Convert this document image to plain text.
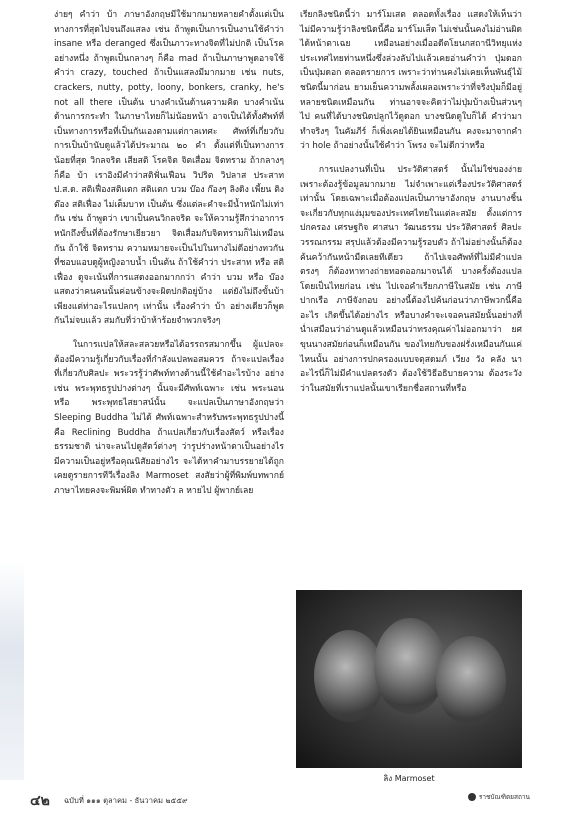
ง่ายๆ คำว่า บ้า ภาษาอังกฤษมีใช้มากมายหลายคำตั้งแต่เป็นทางการที่สุดไปจนถึงแสลง เช่น ถ้าพูดเป็นการเป็นงานใช้คำว่า insane หรือ deranged ซึ่งเป็นภาวะทางจิตที่ไม่ปกติ เป็นโรคอย่างหนึ่ง ถ้าพูดเป็นกลางๆ ก็คือ mad ถ้าเป็นภาษาพูดอาจใช้คำว่า crazy, touched ถ้าเป็นแสลงมีมากมาย เช่น nuts, crackers, nutty, potty, loony, bonkers, cranky, he's not all there เป็นต้น บางคำเน้นด้านความคิด บางคำเน้นด้านการกระทำ ในภาษาไทยก็ไม่น้อยหน้า อาจเป็นได้ทั้งศัพท์ที่เป็นทางการหรือที่เป็นกันเองตามแต่กาลเทศะ ศัพท์ที่เกี่ยวกับการเป็นบ้านับดูแล้วได้ประมาณ ๒๐ คำ ตั้งแต่ที่เป็นทางการน้อยที่สุด วิกลจริต เสียสติ โรคจิต จิตเสื่อม จิตทราม ถ้ากลางๆ ก็คือ บ้า เราอิงมีคำว่าสติฟั่นเฟือน วิปริต วิปลาส ประสาท ป.ส.ด. สติเฟื่องสติแตก สติแตก บวม บ๊อง ก๊องๆ ลิงดิง เพี้ยน ติงต๊อง สติเฟื่อง ไม่เต็มบาท เป็นต้น ซึ่งแต่ละคำจะมีน้ำหนักไม่เท่ากัน เช่น ถ้าพูดว่า เขาเป็นคนวิกลจริต จะให้ความรู้สึกว่าอาการหนักถึงขั้นที่ต้องรักษาเยียวยา จิตเสื่อมกับจิตทรามก็ไม่เหมือนกัน ถ้าใช้ จิตทราม ความหมายจะเป็นไปในทางไม่ดีอย่างทวกันที่ชอบแอบดูผู้หญิงอาบน้ำ เป็นต้น ถ้าใช้คำว่า ประสาท หรือ สติเฟื่อง ดูจะเน้นที่การแสดงออกมากกว่า คำว่า บวม หรือ บ๊อง แสดงว่าคนคนนั้นค่อนข้างจะผิดปกติอยู่บ้าง แต่ยังไม่ถึงขั้นบ้า เพียงแต่ท่าอะไรแปลกๆ เท่านั้น เรื่องคำว่า บ้า อย่างเดียวก็พูดกันไม่จบแล้ว สมกับที่ว่าบ้าห้าร้อยจำพวกจริงๆ

ในการแปลให้สละสลวยหรือได้อรรถรสมากขึ้น ผู้แปลจะต้องมีความรู้เกี่ยวกับเรื่องที่กำลังแปลพอสมควร ถ้าจะแปลเรื่องที่เกี่ยวกับศิลปะ พระวรรู้ว่าศัพท์ทางด้านนี้ใช้คำอะไรบ้าง อย่างเช่น พระพุทธรูปปางต่างๆ นั้นจะมีศัพท์เฉพาะ เช่น พระนอน หรือ พระพุทธไสยาสน์นั้น จะแปลเป็นภาษาอังกฤษว่า Sleeping Buddha ไม่ได้ ศัพท์เฉพาะสำหรับพระพุทธรูปปางนี้คือ Reclining Buddha ถ้าแปลเกี่ยวกับเรื่องสัตว์ หรือเรื่องธรรมชาติ น่าจะลนไปดูสัตว์ต่างๆ ว่ารูปร่างหน้าตาเป็นอย่างไร มีความเป็นอยู่หรือคุณนิสัยอย่างไร จะได้หาคำมาบรรยายได้ถูก เคยดูรายการทีวีเรื่องลิง Marmoset สงสัยว่าผู้ที่พิมพ์บทพากย์ภาษาไทยคงจะพิมพ์ผิด ทำทางตัว ล หายไป ผู้พากย์เลย

เรียกลิงชนิดนี้ว่า มาร์โมเสต ตลอดทั้งเรื่อง แสดงให้เห็นว่าไม่มีความรู้ว่าลิงชนิดนี้คือ มาร์โมเส็ต ไม่เช่นนั้นคงไม่อ่านผิดได้หน้าตาเฉย เหมือนอย่างเมื่ออดีตโยนกสถานีวิทยุแห่งประเทศไทยท่านหนึ่งซึ่งล่วงลับไปแล้วเคยอ่านคำว่า ปุ่มดอก เป็นปุ่มดอก ตลอดรายการ เพราะว่าท่านคงไม่เคยเห็นพันธุ์ไม้ชนิดนี้มาก่อน ยามเย็นความพลั้งเผลอเพราะว่าที่จริงปุ่มก็มีอยู่หลายชนิดเหมือนกัน ท่านอาจจะคิดว่าไม่ปุ่มบ้างเป็นส่วนๆ ไป คนที่ได้บางชนิดปลูกไว้ดูดอก บางชนิดดูใบก็ได้ คำว่ามาทำจริงๆ ในคัมภีร์ ก็เพิ่งเคยได้ยินเหมือนกัน คงจะมาจากคำว่า hole ถ้าอย่างนั้นใช้คำว่า โพรง จะไม่ดีกว่าหรือ

การแปลงานที่เป็น ประวัติศาสตร์ นั้นไม่ใช่ของง่าย เพราะต้องรู้ข้อมูลมากมาย ไม่จำเพาะแต่เรื่องประวัติศาสตร์เท่านั้น โดยเฉพาะเมื่อต้องแปลเป็นภาษาอังกฤษ งานบางชิ้นจะเกี่ยวกับทุกแง่มุมของประเทศไทยในแต่ละสมัย ตั้งแต่การปกครอง เศรษฐกิจ ศาสนา วัฒนธรรม ประวัติศาสตร์ ศิลปะ วรรณกรรม สรุปแล้วต้องมีความรู้รอบตัว ถ้าไม่อย่างนั้นก็ต้องค้นคว้ากันหน้ามืดเลยทีเดียว ถ้าไปเจอศัพท์ที่ไม่มีคำแปลตรงๆ ก็ต้องหาทางถ่ายทอดออกมาจนได้ บางครั้งต้องแปลโดยเป็นไทยก่อน เช่น ไปเจอคำเรียกภาษีในสมัย เช่น ภาษีปากเรือ ภาษีจังกอบ อย่างนี้ต้องไปค้นก่อนว่าภาษีพวกนี้คืออะไร เกิดขึ้นได้อย่างไร หรือบางคำจะเจอคนสมัยนั้นอย่างที่น่ำเสมือนว่าอ่านดูแล้วเหมือนว่าทรงคุณค่าไม่ออกมาว่า ยศขุนนางสมัยก่อนก็เหมือนกัน ของไทยกับของฝรั่งเหมือนกันแค่ไหนนั้น อย่างการปกครองแบบจตุสดมภ์ เวียง วัง คลัง นา อะไรนี่ก็ไม่มีคำแปลตรงตัว ต้องใช้วิธีอธิบายความ ต้องระวังว่าในสมัยที่เราแปลนั้นเขาเรียกชื่อสถานที่หรือ

ลิง Marmoset
๔๒ ฉบับที่ ๑๑๑ ตุลาคม - ธันวาคม ๒๕๕๙	ราชบัณฑิตยสถาน
